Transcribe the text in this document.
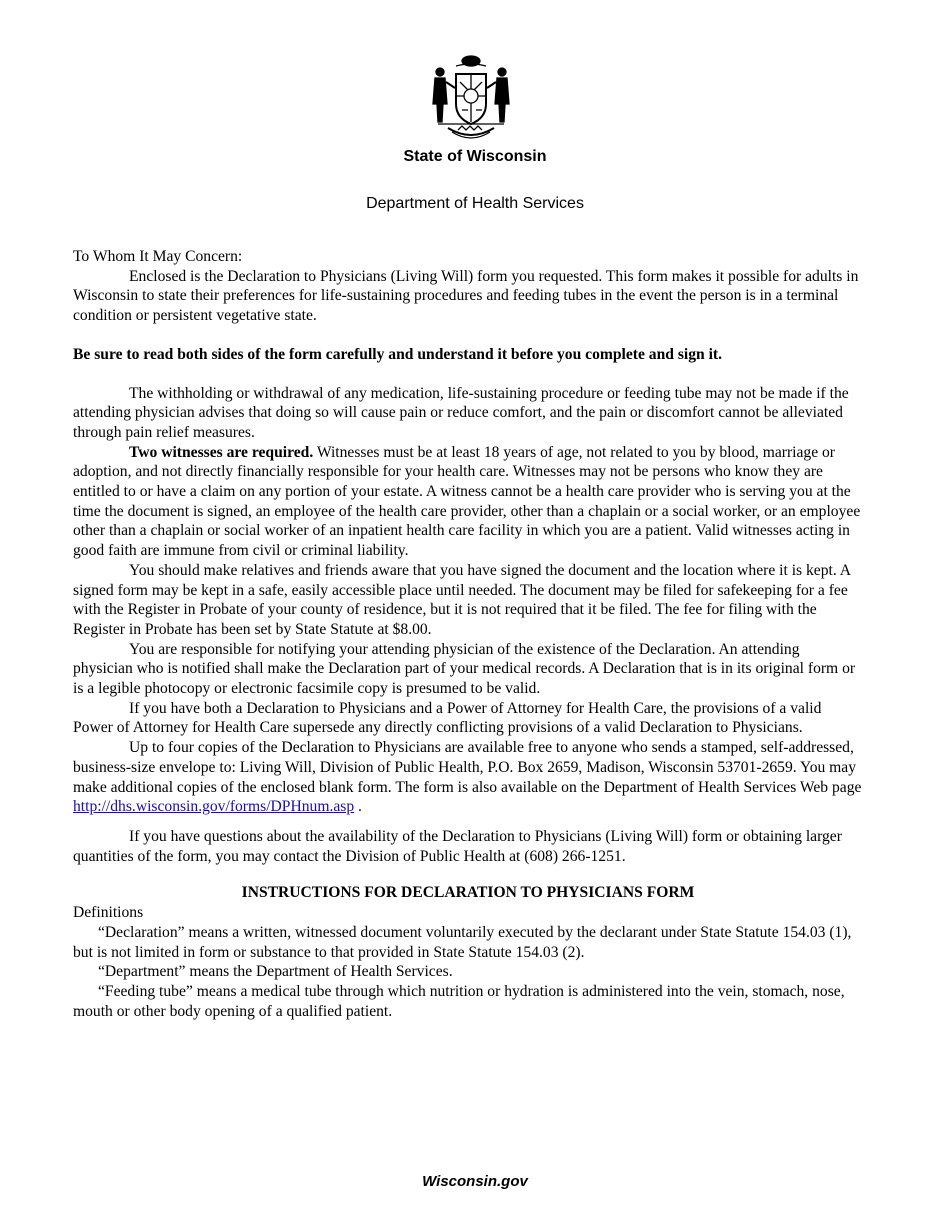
State of Wisconsin
Department of Health Services

To Whom It May Concern:

Enclosed is the Declaration to Physicians (Living Will) form you requested. This form makes it possible for adults in Wisconsin to state their preferences for life-sustaining procedures and feeding tubes in the event the person is in a terminal condition or persistent vegetative state.

Be sure to read both sides of the form carefully and understand it before you complete and sign it.

The withholding or withdrawal of any medication, life-sustaining procedure or feeding tube may not be made if the attending physician advises that doing so will cause pain or reduce comfort, and the pain or discomfort cannot be alleviated through pain relief measures.

Two witnesses are required. Witnesses must be at least 18 years of age, not related to you by blood, marriage or adoption, and not directly financially responsible for your health care. Witnesses may not be persons who know they are entitled to or have a claim on any portion of your estate. A witness cannot be a health care provider who is serving you at the time the document is signed, an employee of the health care provider, other than a chaplain or a social worker, or an employee other than a chaplain or social worker of an inpatient health care facility in which you are a patient. Valid witnesses acting in good faith are immune from civil or criminal liability.

You should make relatives and friends aware that you have signed the document and the location where it is kept. A signed form may be kept in a safe, easily accessible place until needed. The document may be filed for safekeeping for a fee with the Register in Probate of your county of residence, but it is not required that it be filed. The fee for filing with the Register in Probate has been set by State Statute at $8.00.

You are responsible for notifying your attending physician of the existence of the Declaration. An attending physician who is notified shall make the Declaration part of your medical records. A Declaration that is in its original form or is a legible photocopy or electronic facsimile copy is presumed to be valid.

If you have both a Declaration to Physicians and a Power of Attorney for Health Care, the provisions of a valid Power of Attorney for Health Care supersede any directly conflicting provisions of a valid Declaration to Physicians.

Up to four copies of the Declaration to Physicians are available free to anyone who sends a stamped, self-addressed, business-size envelope to: Living Will, Division of Public Health, P.O. Box 2659, Madison, Wisconsin 53701-2659. You may make additional copies of the enclosed blank form. The form is also available on the Department of Health Services Web page http://dhs.wisconsin.gov/forms/DPHnum.asp .

If you have questions about the availability of the Declaration to Physicians (Living Will) form or obtaining larger quantities of the form, you may contact the Division of Public Health at (608) 266-1251.

INSTRUCTIONS FOR DECLARATION TO PHYSICIANS FORM

Definitions

“Declaration” means a written, witnessed document voluntarily executed by the declarant under State Statute 154.03 (1), but is not limited in form or substance to that provided in State Statute 154.03 (2).

“Department” means the Department of Health Services.

“Feeding tube” means a medical tube through which nutrition or hydration is administered into the vein, stomach, nose, mouth or other body opening of a qualified patient.

Wisconsin.gov
